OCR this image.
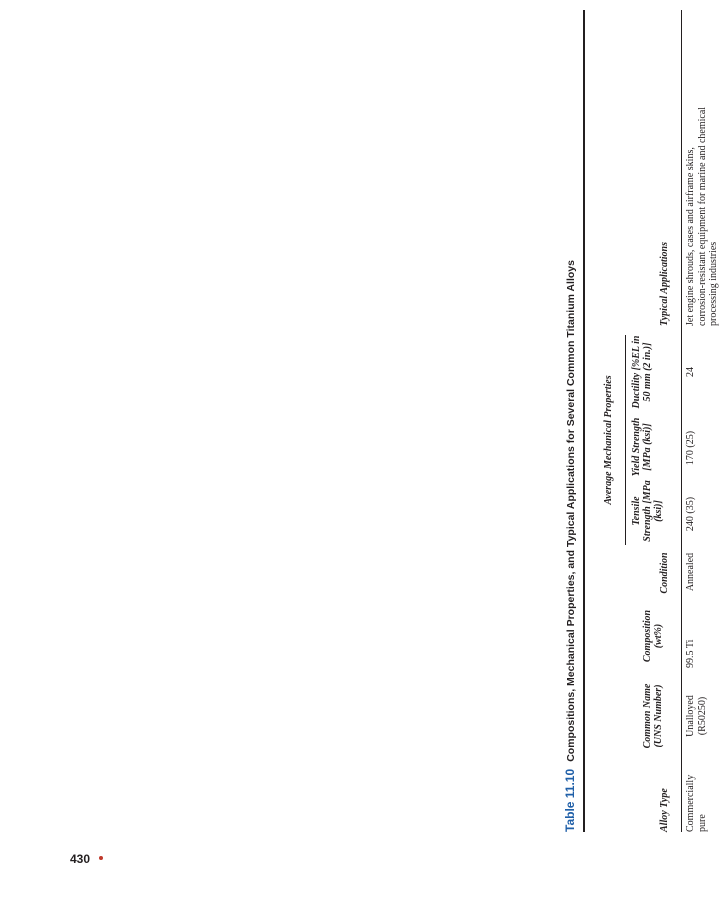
430
Table 11.10 Compositions, Mechanical Properties, and Typical Applications for Several Common Titanium Alloys	Average Mechanical Properties
Alloy Type
Common Name (UNS Number)
Composition (wt%)
Condition
Tensile Strength [MPa (ksi)]
Yield Strength [MPa (ksi)]
Ductility [%EL in 50 mm (2 in.)]
Typical Applications
Commercially pure
Unalloyed (R50250)
99.5 Ti
Annealed
240 (35)
170 (25)
24
Jet engine shrouds, cases and airframe skins, corrosion-resistant equipment for marine and chemical processing industries
